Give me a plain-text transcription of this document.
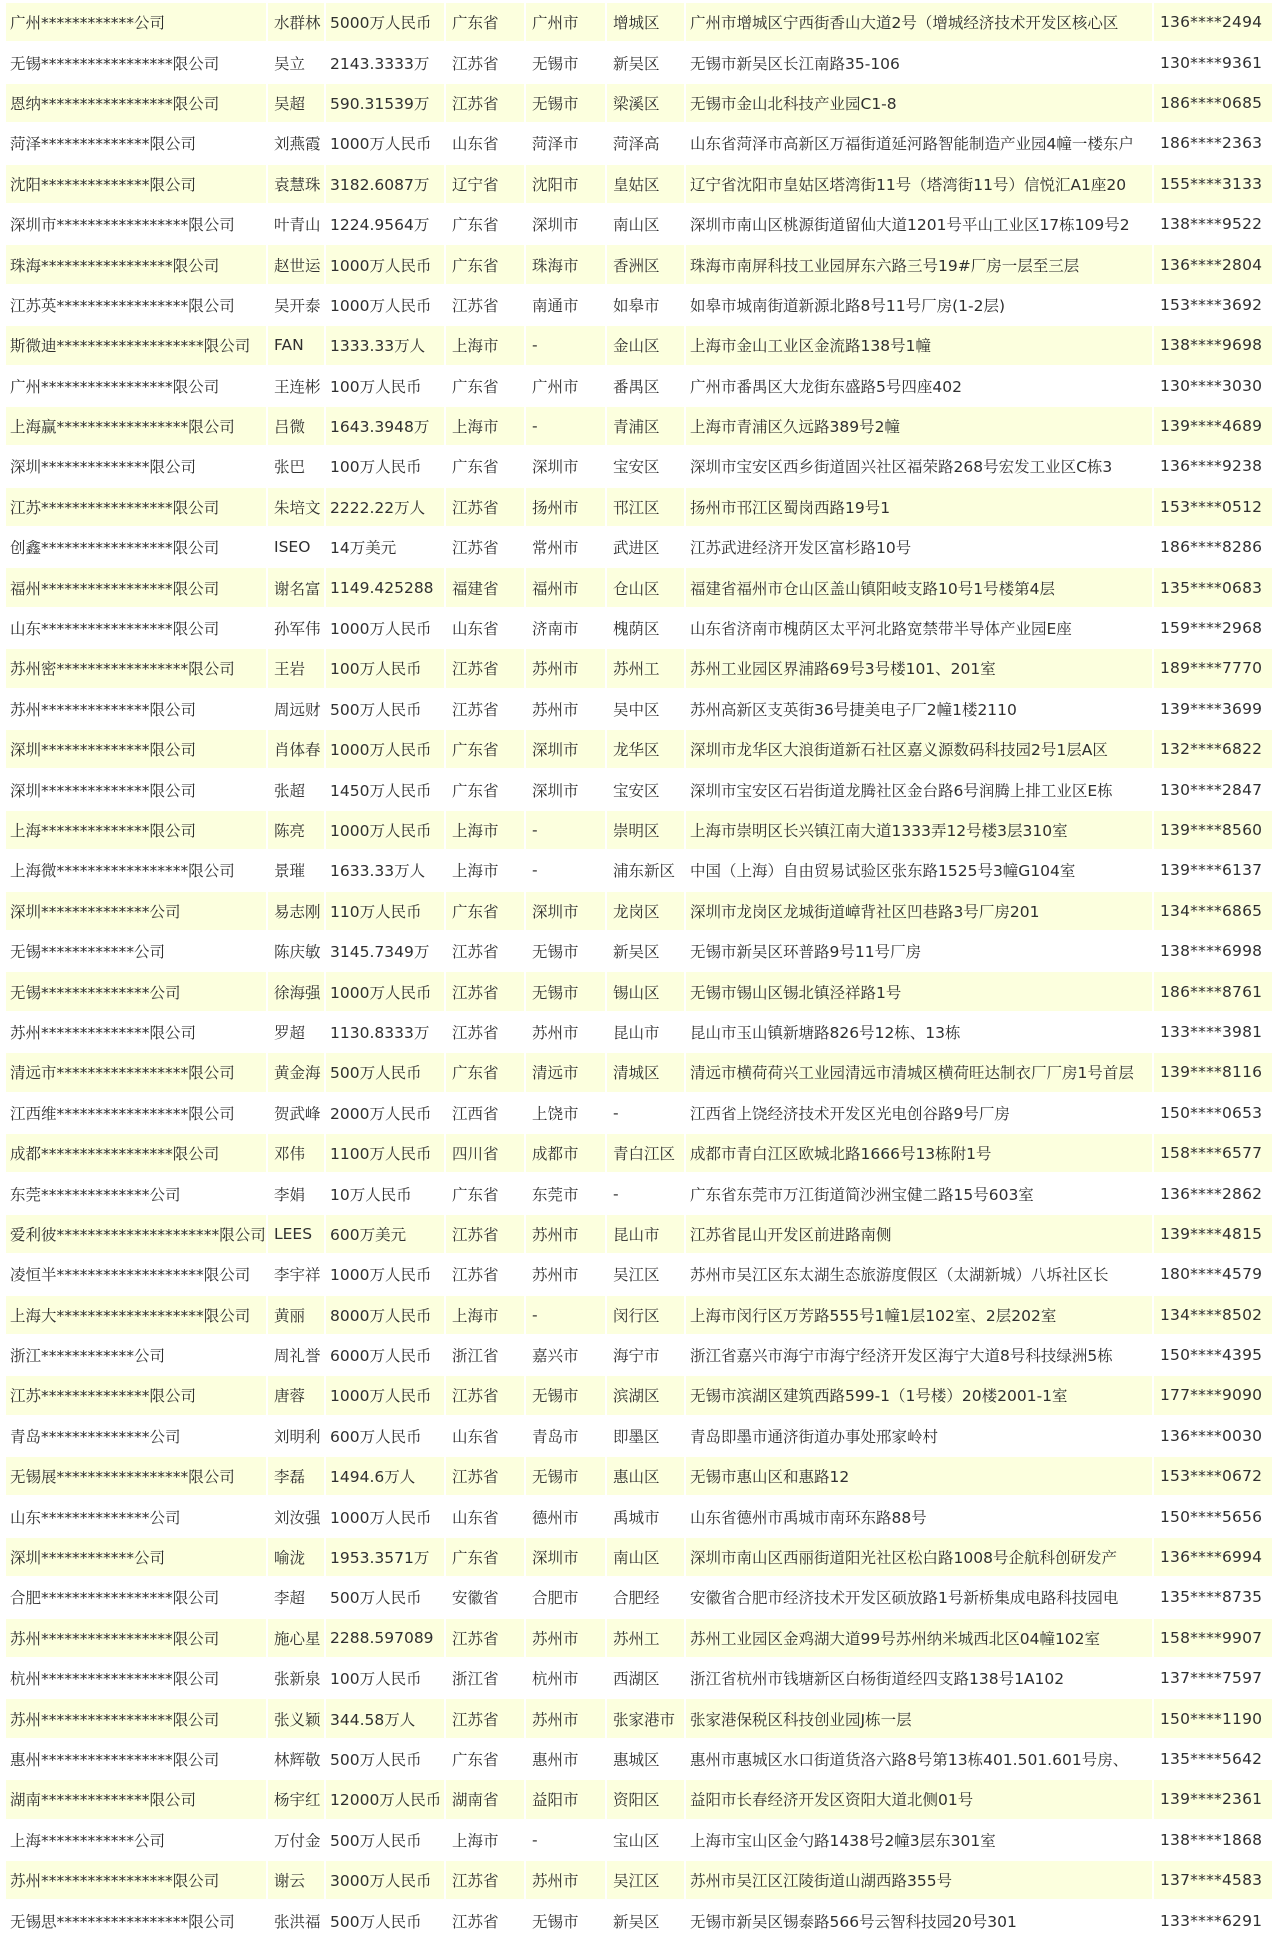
广州************公司	水群林	5000万人民币	广东省	广州市	增城区	广州市增城区宁西街香山大道2号（增城经济技术开发区核心区	136****2494
无锡*****************限公司	吴立	2143.3333万	江苏省	无锡市	新吴区	无锡市新吴区长江南路35-106	130****9361
恩纳*****************限公司	吴超	590.31539万	江苏省	无锡市	梁溪区	无锡市金山北科技产业园C1-8	186****0685
菏泽**************限公司	刘燕霞	1000万人民币	山东省	菏泽市	菏泽高	山东省菏泽市高新区万福街道延河路智能制造产业园4幢一楼东户	186****2363
沈阳**************限公司	袁慧珠	3182.6087万	辽宁省	沈阳市	皇姑区	辽宁省沈阳市皇姑区塔湾街11号（塔湾街11号）信悦汇A1座20	155****3133
深圳市*****************限公司	叶青山	1224.9564万	广东省	深圳市	南山区	深圳市南山区桃源街道留仙大道1201号平山工业区17栋109号2	138****9522
珠海*****************限公司	赵世运	1000万人民币	广东省	珠海市	香洲区	珠海市南屏科技工业园屏东六路三号19#厂房一层至三层	136****2804
江苏英*****************限公司	吴开泰	1000万人民币	江苏省	南通市	如皋市	如皋市城南街道新源北路8号11号厂房(1-2层)	153****3692
斯微迪*******************限公司	FAN	1333.33万人	上海市	-	金山区	上海市金山工业区金流路138号1幢	138****9698
广州*****************限公司	王连彬	100万人民币	广东省	广州市	番禺区	广州市番禺区大龙街东盛路5号四座402	130****3030
上海赢*****************限公司	吕微	1643.3948万	上海市	-	青浦区	上海市青浦区久远路389号2幢	139****4689
深圳**************限公司	张巴	100万人民币	广东省	深圳市	宝安区	深圳市宝安区西乡街道固兴社区福荣路268号宏发工业区C栋3	136****9238
江苏*****************限公司	朱培文	2222.22万人	江苏省	扬州市	邗江区	扬州市邗江区蜀岗西路19号1	153****0512
创鑫*****************限公司	ISEO	14万美元	江苏省	常州市	武进区	江苏武进经济开发区富杉路10号	186****8286
福州*****************限公司	谢名富	1149.425288	福建省	福州市	仓山区	福建省福州市仓山区盖山镇阳岐支路10号1号楼第4层	135****0683
山东*****************限公司	孙军伟	1000万人民币	山东省	济南市	槐荫区	山东省济南市槐荫区太平河北路宽禁带半导体产业园E座	159****2968
苏州密*****************限公司	王岩	100万人民币	江苏省	苏州市	苏州工	苏州工业园区界浦路69号3号楼101、201室	189****7770
苏州**************限公司	周远财	500万人民币	江苏省	苏州市	吴中区	苏州高新区支英街36号捷美电子厂2幢1楼2110	139****3699
深圳**************限公司	肖体春	1000万人民币	广东省	深圳市	龙华区	深圳市龙华区大浪街道新石社区嘉义源数码科技园2号1层A区	132****6822
深圳**************限公司	张超	1450万人民币	广东省	深圳市	宝安区	深圳市宝安区石岩街道龙腾社区金台路6号润腾上排工业区E栋	130****2847
上海**************限公司	陈亮	1000万人民币	上海市	-	崇明区	上海市崇明区长兴镇江南大道1333弄12号楼3层310室	139****8560
上海微*****************限公司	景璀	1633.33万人	上海市	-	浦东新区	中国（上海）自由贸易试验区张东路1525号3幢G104室	139****6137
深圳**************公司	易志刚	110万人民币	广东省	深圳市	龙岗区	深圳市龙岗区龙城街道嶂背社区凹巷路3号厂房201	134****6865
无锡************公司	陈庆敏	3145.7349万	江苏省	无锡市	新吴区	无锡市新吴区环普路9号11号厂房	138****6998
无锡**************公司	徐海强	1000万人民币	江苏省	无锡市	锡山区	无锡市锡山区锡北镇泾祥路1号	186****8761
苏州**************限公司	罗超	1130.8333万	江苏省	苏州市	昆山市	昆山市玉山镇新塘路826号12栋、13栋	133****3981
清远市*****************限公司	黄金海	500万人民币	广东省	清远市	清城区	清远市横荷荷兴工业园清远市清城区横荷旺达制衣厂厂房1号首层	139****8116
江西维*****************限公司	贺武峰	2000万人民币	江西省	上饶市	-	江西省上饶经济技术开发区光电创谷路9号厂房	150****0653
成都*****************限公司	邓伟	1100万人民币	四川省	成都市	青白江区	成都市青白江区欧城北路1666号13栋附1号	158****6577
东莞**************公司	李娟	10万人民币	广东省	东莞市	-	广东省东莞市万江街道简沙洲宝健二路15号603室	136****2862
爱利彼*********************限公司	LEES	600万美元	江苏省	苏州市	昆山市	江苏省昆山开发区前进路南侧	139****4815
凌恒半*******************限公司	李宇祥	1000万人民币	江苏省	苏州市	吴江区	苏州市吴江区东太湖生态旅游度假区（太湖新城）八坼社区长	180****4579
上海大*******************限公司	黄丽	8000万人民币	上海市	-	闵行区	上海市闵行区万芳路555号1幢1层102室、2层202室	134****8502
浙江************公司	周礼誉	6000万人民币	浙江省	嘉兴市	海宁市	浙江省嘉兴市海宁市海宁经济开发区海宁大道8号科技绿洲5栋	150****4395
江苏**************限公司	唐蓉	1000万人民币	江苏省	无锡市	滨湖区	无锡市滨湖区建筑西路599-1（1号楼）20楼2001-1室	177****9090
青岛**************公司	刘明利	600万人民币	山东省	青岛市	即墨区	青岛即墨市通济街道办事处邢家岭村	136****0030
无锡展*****************限公司	李磊	1494.6万人	江苏省	无锡市	惠山区	无锡市惠山区和惠路12	153****0672
山东**************公司	刘汝强	1000万人民币	山东省	德州市	禹城市	山东省德州市禹城市南环东路88号	150****5656
深圳************公司	喻泷	1953.3571万	广东省	深圳市	南山区	深圳市南山区西丽街道阳光社区松白路1008号企航科创研发产	136****6994
合肥*****************限公司	李超	500万人民币	安徽省	合肥市	合肥经	安徽省合肥市经济技术开发区硕放路1号新桥集成电路科技园电	135****8735
苏州*****************限公司	施心星	2288.597089	江苏省	苏州市	苏州工	苏州工业园区金鸡湖大道99号苏州纳米城西北区04幢102室	158****9907
杭州*****************限公司	张新泉	100万人民币	浙江省	杭州市	西湖区	浙江省杭州市钱塘新区白杨街道经四支路138号1A102	137****7597
苏州*****************限公司	张义颖	344.58万人	江苏省	苏州市	张家港市	张家港保税区科技创业园J栋一层	150****1190
惠州*****************限公司	林辉敬	500万人民币	广东省	惠州市	惠城区	惠州市惠城区水口街道货洛六路8号第13栋401.501.601号房、	135****5642
湖南**************限公司	杨宇红	12000万人民币	湖南省	益阳市	资阳区	益阳市长春经济开发区资阳大道北侧01号	139****2361
上海************公司	万付金	500万人民币	上海市	-	宝山区	上海市宝山区金勺路1438号2幢3层东301室	138****1868
苏州*****************限公司	谢云	3000万人民币	江苏省	苏州市	吴江区	苏州市吴江区江陵街道山湖西路355号	137****4583
无锡思*****************限公司	张洪福	500万人民币	江苏省	无锡市	新吴区	无锡市新吴区锡泰路566号云智科技园20号301	133****6291
